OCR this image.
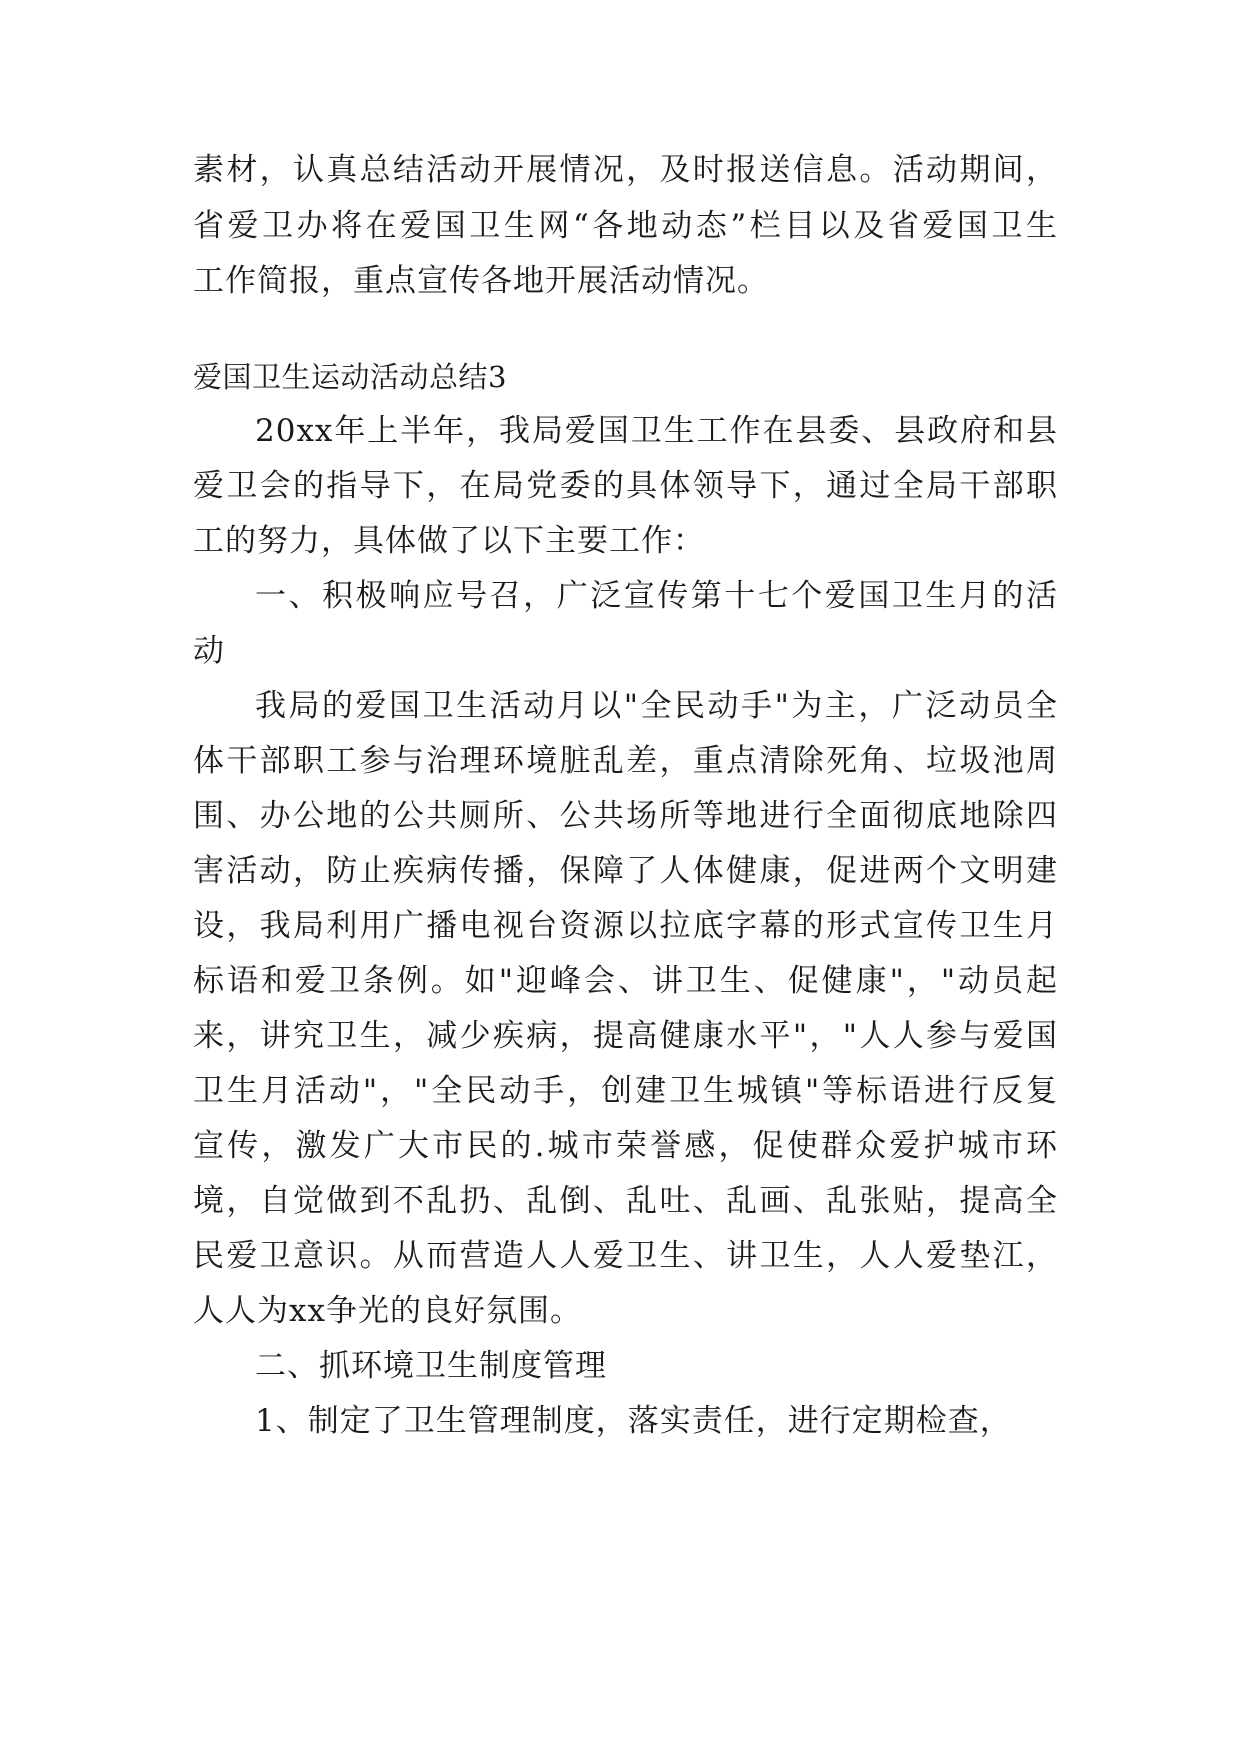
素材，认真总结活动开展情况，及时报送信息。活动期间，
省爱卫办将在爱国卫生网“各地动态”栏目以及省爱国卫生
工作简报，重点宣传各地开展活动情况。
爱国卫生运动活动总结3
20xx年上半年，我局爱国卫生工作在县委、县政府和县
爱卫会的指导下，在局党委的具体领导下，通过全局干部职
工的努力，具体做了以下主要工作：
一、积极响应号召，广泛宣传第十七个爱国卫生月的活
动
我局的爱国卫生活动月以"全民动手"为主，广泛动员全
体干部职工参与治理环境脏乱差，重点清除死角、垃圾池周
围、办公地的公共厕所、公共场所等地进行全面彻底地除四
害活动，防止疾病传播，保障了人体健康，促进两个文明建
设，我局利用广播电视台资源以拉底字幕的形式宣传卫生月
标语和爱卫条例。如"迎峰会、讲卫生、促健康"，"动员起
来，讲究卫生，减少疾病，提高健康水平"，"人人参与爱国
卫生月活动"，"全民动手，创建卫生城镇"等标语进行反复
宣传，激发广大市民的.城市荣誉感，促使群众爱护城市环
境，自觉做到不乱扔、乱倒、乱吐、乱画、乱张贴，提高全
民爱卫意识。从而营造人人爱卫生、讲卫生，人人爱垫江，
人人为xx争光的良好氛围。
二、抓环境卫生制度管理
1、制定了卫生管理制度，落实责任，进行定期检查，
